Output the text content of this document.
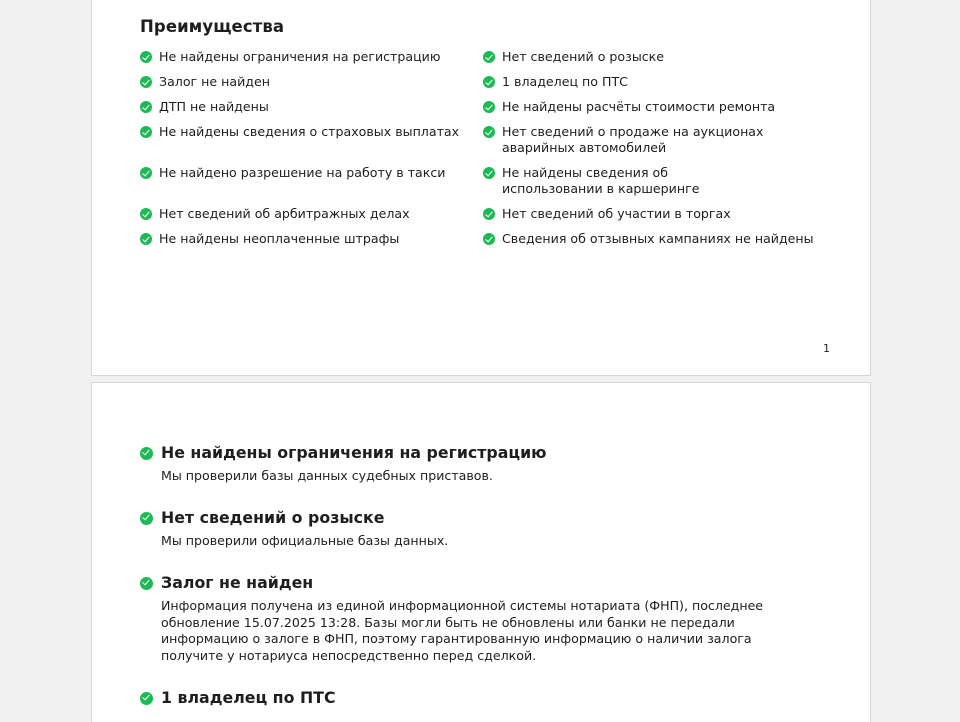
Преимущества
Не найдены ограничения на регистрацию	Нет сведений о розыске
Залог не найден	1 владелец по ПТС
ДТП не найдены	Не найдены расчёты стоимости ремонта
Не найдены сведения о страховых выплатах	Нет сведений о продаже на аукционах аварийных автомобилей
Не найдено разрешение на работу в такси	Не найдены сведения об использовании в каршеринге
Нет сведений об арбитражных делах	Нет сведений об участии в торгах
Не найдены неоплаченные штрафы	Сведения об отзывных кампаниях не найдены
1
Не найдены ограничения на регистрацию

Мы проверили базы данных судебных приставов.

Нет сведений о розыске

Мы проверили официальные базы данных.

Залог не найден

Информация получена из единой информационной системы нотариата (ФНП), последнее обновление 15.07.2025 13:28. Базы могли быть не обновлены или банки не передали информацию о залоге в ФНП, поэтому гарантированную информацию о наличии залога получите у нотариуса непосредственно перед сделкой.

1 владелец по ПТС
